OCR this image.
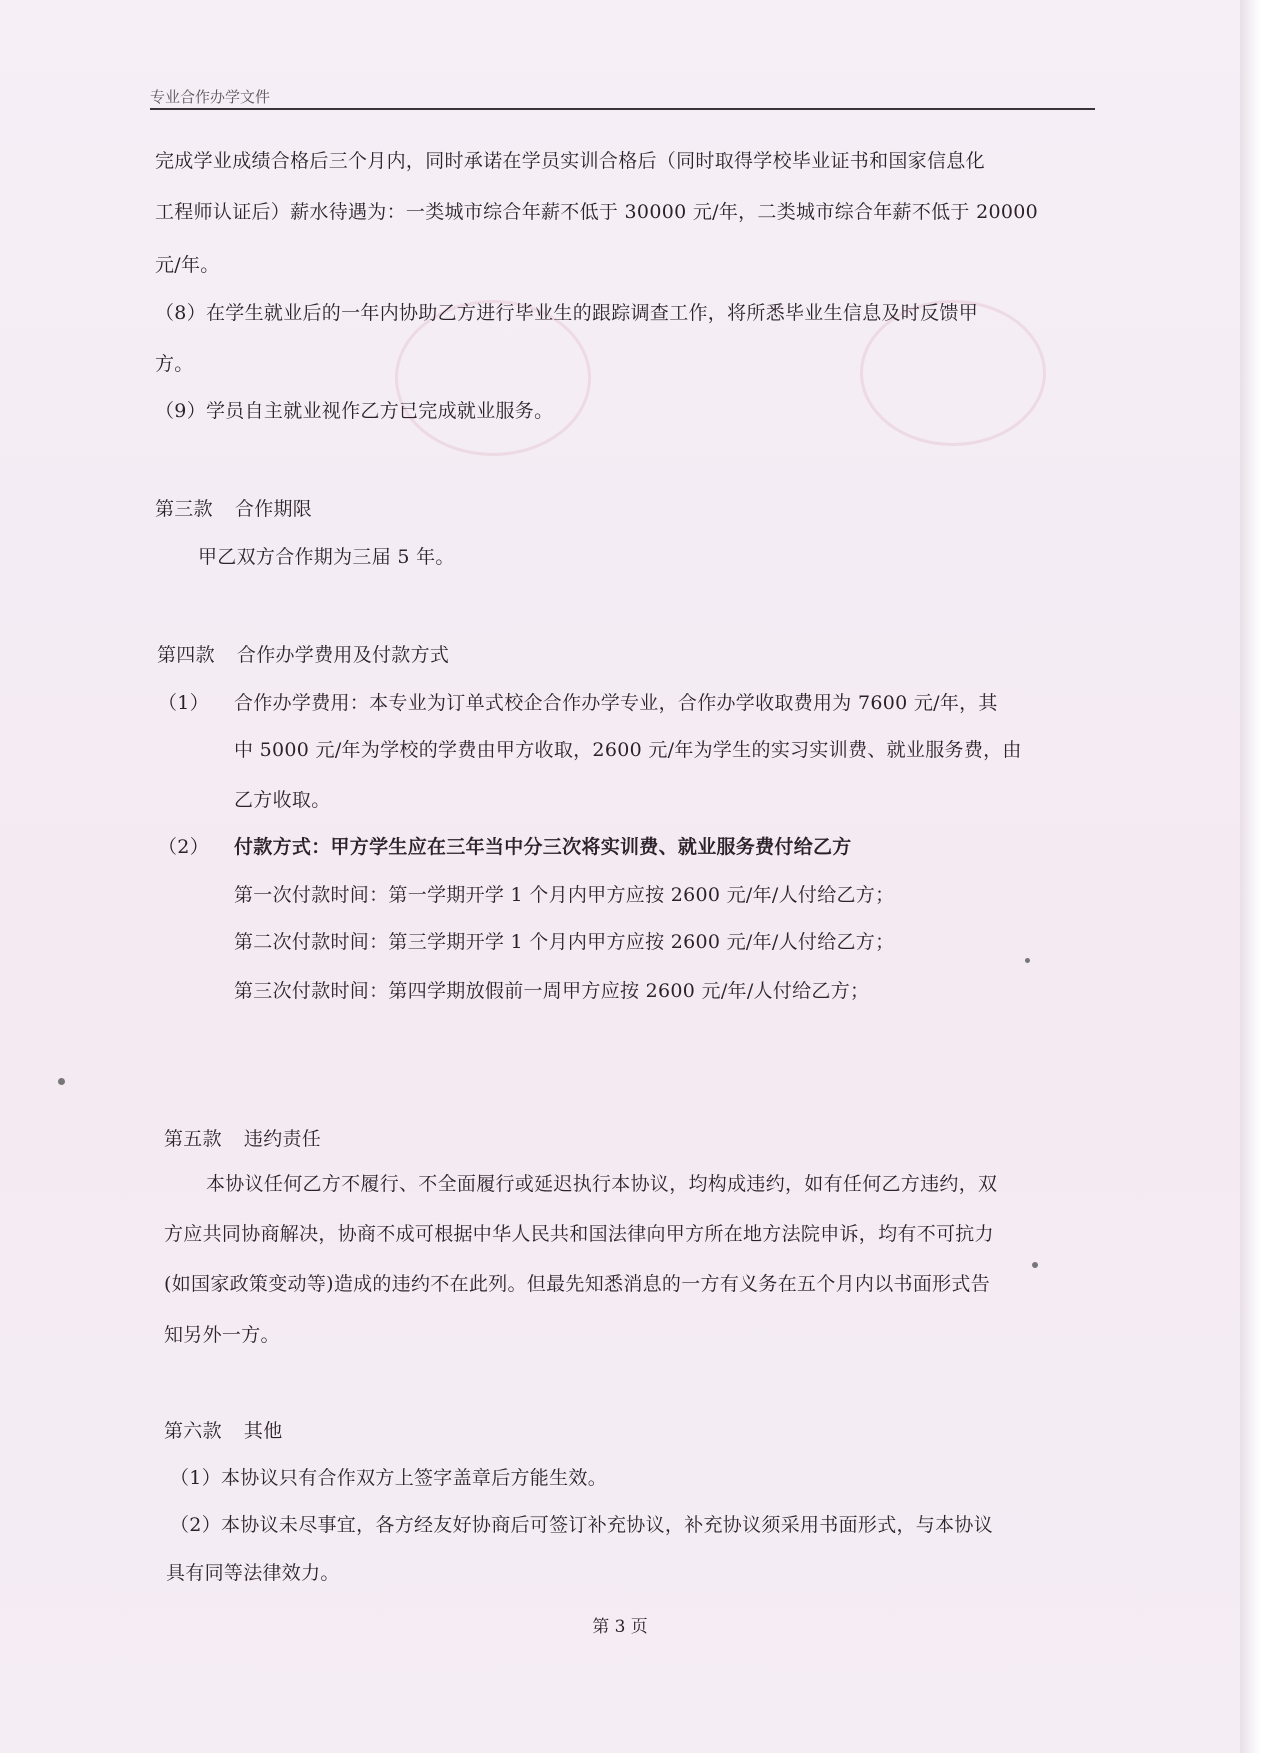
专业合作办学文件
完成学业成绩合格后三个月内，同时承诺在学员实训合格后（同时取得学校毕业证书和国家信息化
工程师认证后）薪水待遇为：一类城市综合年薪不低于 30000 元/年，二类城市综合年薪不低于 20000
元/年。
（8）在学生就业后的一年内协助乙方进行毕业生的跟踪调查工作，将所悉毕业生信息及时反馈甲
方。
（9）学员自主就业视作乙方已完成就业服务。
第三款 合作期限
甲乙双方合作期为三届 5 年。
第四款 合作办学费用及付款方式
（1） 合作办学费用：本专业为订单式校企合作办学专业，合作办学收取费用为 7600 元/年，其
中 5000 元/年为学校的学费由甲方收取，2600 元/年为学生的实习实训费、就业服务费，由
乙方收取。
（2） 付款方式：甲方学生应在三年当中分三次将实训费、就业服务费付给乙方
第一次付款时间：第一学期开学 1 个月内甲方应按 2600 元/年/人付给乙方；
第二次付款时间：第三学期开学 1 个月内甲方应按 2600 元/年/人付给乙方；
第三次付款时间：第四学期放假前一周甲方应按 2600 元/年/人付给乙方；
第五款 违约责任
本协议任何乙方不履行、不全面履行或延迟执行本协议，均构成违约，如有任何乙方违约，双
方应共同协商解决，协商不成可根据中华人民共和国法律向甲方所在地方法院申诉，均有不可抗力
(如国家政策变动等)造成的违约不在此列。但最先知悉消息的一方有义务在五个月内以书面形式告
知另外一方。
第六款 其他
（1）本协议只有合作双方上签字盖章后方能生效。
（2）本协议未尽事宜，各方经友好协商后可签订补充协议，补充协议须采用书面形式，与本协议
具有同等法律效力。
第 3 页
